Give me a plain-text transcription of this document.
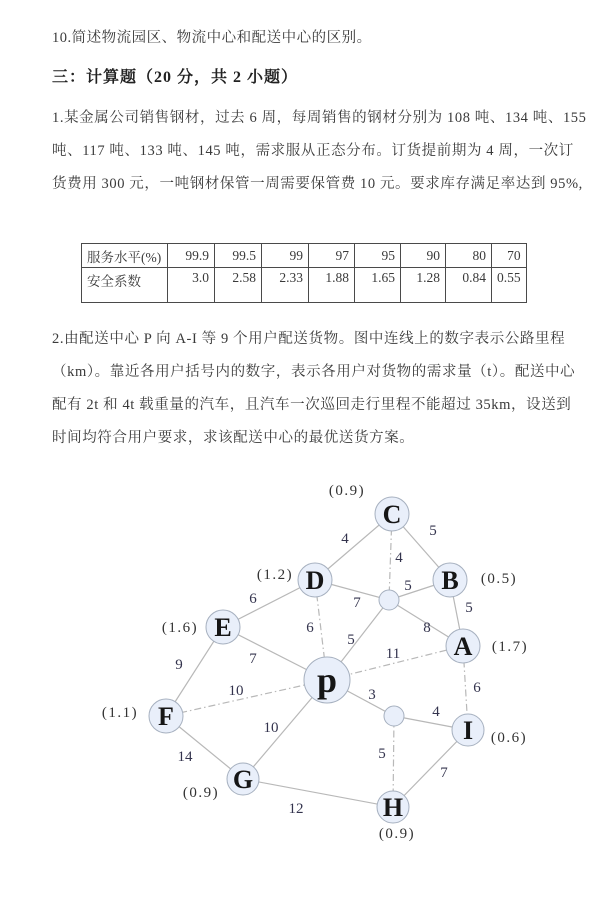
10.简述物流园区、物流中心和配送中心的区别。
三：计算题（20 分，共 2 小题）
1.某金属公司销售钢材，过去 6 周，每周销售的钢材分别为 108 吨、134 吨、155
吨、117 吨、133 吨、145 吨，需求服从正态分布。订货提前期为 4 周，一次订
货费用 300 元，一吨钢材保管一周需要保管费 10 元。要求库存满足率达到 95%,
服务水平(%)	99.9	99.5	99	97	95	90	80	70
安全系数	3.0	2.58	2.33	1.88	1.65	1.28	0.84	0.55
2.由配送中心 P 向 A-I 等 9 个用户配送货物。图中连线上的数字表示公路里程
（km）。靠近各用户括号内的数字，表示各用户对货物的需求量（t）。配送中心
配有 2t 和 4t 载重量的汽车，且汽车一次巡回走行里程不能超过 35km，设送到
时间均符合用户要求，求该配送中心的最优送货方案。
4	5
4
7
5
8
5
5
6
6
7
9
10
11
3
4
6
5
7
14
10
12
C
(0.9)
D
(1.2)	B (0.5)
E
(1.6)
A (1.7)
p
F
(1.1)
I (0.6)
G
(0.9)	H
(0.9)
